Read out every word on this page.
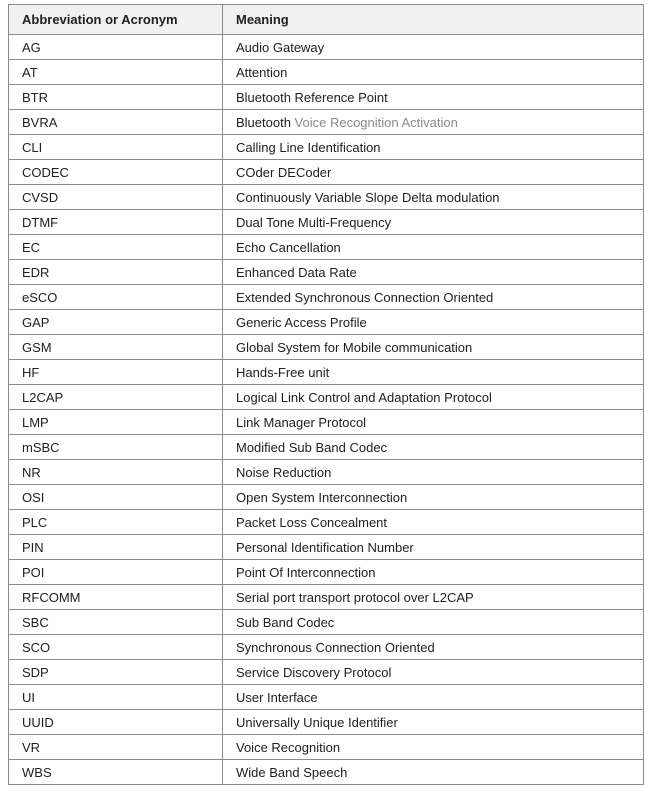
Abbreviation or Acronym	Meaning
AG	Audio Gateway
AT	Attention
BTR	Bluetooth Reference Point
BVRA	Bluetooth Voice Recognition Activation
CLI	Calling Line Identification
CODEC	COder DECoder
CVSD	Continuously Variable Slope Delta modulation
DTMF	Dual Tone Multi-Frequency
EC	Echo Cancellation
EDR	Enhanced Data Rate
eSCO	Extended Synchronous Connection Oriented
GAP	Generic Access Profile
GSM	Global System for Mobile communication
HF	Hands-Free unit
L2CAP	Logical Link Control and Adaptation Protocol
LMP	Link Manager Protocol
mSBC	Modified Sub Band Codec
NR	Noise Reduction
OSI	Open System Interconnection
PLC	Packet Loss Concealment
PIN	Personal Identification Number
POI	Point Of Interconnection
RFCOMM	Serial port transport protocol over L2CAP
SBC	Sub Band Codec
SCO	Synchronous Connection Oriented
SDP	Service Discovery Protocol
UI	User Interface
UUID	Universally Unique Identifier
VR	Voice Recognition
WBS	Wide Band Speech
